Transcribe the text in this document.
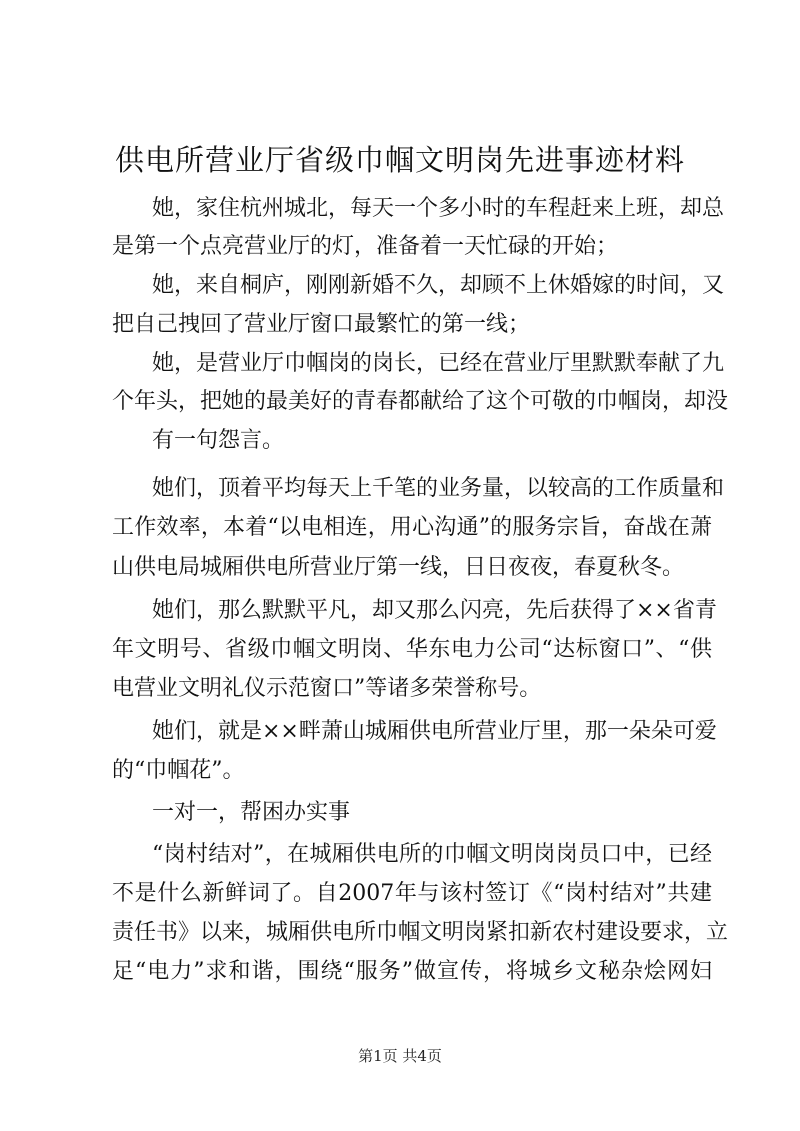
供电所营业厅省级巾帼文明岗先进事迹材料

她，家住杭州城北，每天一个多小时的车程赶来上班，却总

是第一个点亮营业厅的灯，准备着一天忙碌的开始；

她，来自桐庐，刚刚新婚不久，却顾不上休婚嫁的时间，又

把自己拽回了营业厅窗口最繁忙的第一线；

她，是营业厅巾帼岗的岗长，已经在营业厅里默默奉献了九

个年头，把她的最美好的青春都献给了这个可敬的巾帼岗，却没

有一句怨言。

她们，顶着平均每天上千笔的业务量，以较高的工作质量和

工作效率，本着“以电相连，用心沟通”的服务宗旨，奋战在萧

山供电局城厢供电所营业厅第一线，日日夜夜，春夏秋冬。

她们，那么默默平凡，却又那么闪亮，先后获得了××省青

年文明号、省级巾帼文明岗、华东电力公司“达标窗口”、“供

电营业文明礼仪示范窗口”等诸多荣誉称号。

她们，就是××畔萧山城厢供电所营业厅里，那一朵朵可爱

的“巾帼花”。

一对一，帮困办实事

“岗村结对”，在城厢供电所的巾帼文明岗岗员口中，已经

不是什么新鲜词了。自2007年与该村签订《“岗村结对”共建

责任书》以来，城厢供电所巾帼文明岗紧扣新农村建设要求，立

足“电力”求和谐，围绕“服务”做宣传，将城乡文秘杂烩网妇

第1页 共4页
